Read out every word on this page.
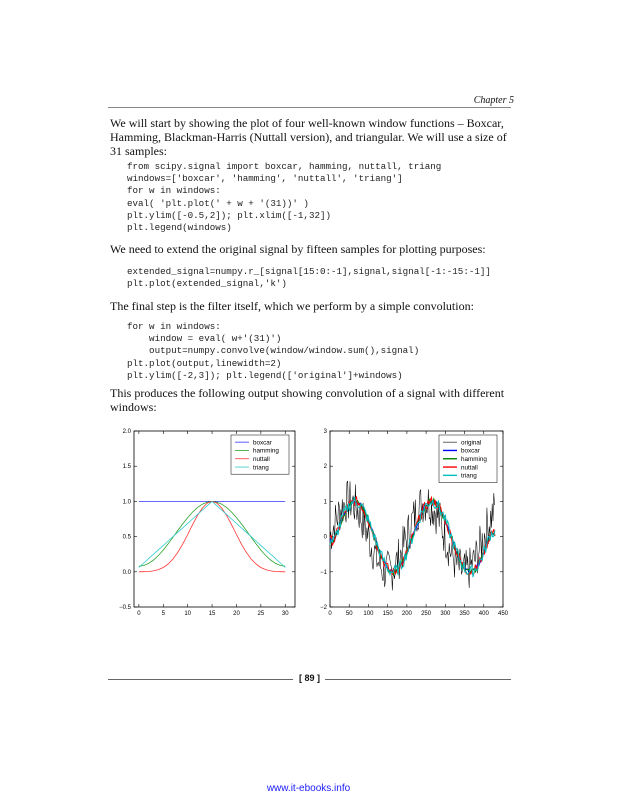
Chapter 5
We will start by showing the plot of four well-known window functions – Boxcar, Hamming, Blackman-Harris (Nuttall version), and triangular. We will use a size of 31 samples:
from scipy.signal import boxcar, hamming, nuttall, triang
windows=['boxcar', 'hamming', 'nuttall', 'triang']
for w in windows:
eval( 'plt.plot(' + w + '(31))' )
plt.ylim([-0.5,2]); plt.xlim([-1,32])
plt.legend(windows)
We need to extend the original signal by fifteen samples for plotting purposes:
extended_signal=numpy.r_[signal[15:0:-1],signal,signal[-1:-15:-1]]
plt.plot(extended_signal,'k')
The final step is the filter itself, which we perform by a simple convolution:
for w in windows:
window = eval( w+'(31)')
output=numpy.convolve(window/window.sum(),signal)
plt.plot(output,linewidth=2)
plt.ylim([-2,3]); plt.legend(['original']+windows)
This produces the following output showing convolution of a signal with different windows:
0	5	10	15	20	25	30
−0.5
0.0
0.5
1.0
1.5
2.0
boxcar
hamming
nuttall
triang
0 50 100 150 200 250 300 350 400 450
−2
−1
0
1
2
3
original
boxcar
hamming
nuttall
triang
[ 89 ]
www.it-ebooks.info
